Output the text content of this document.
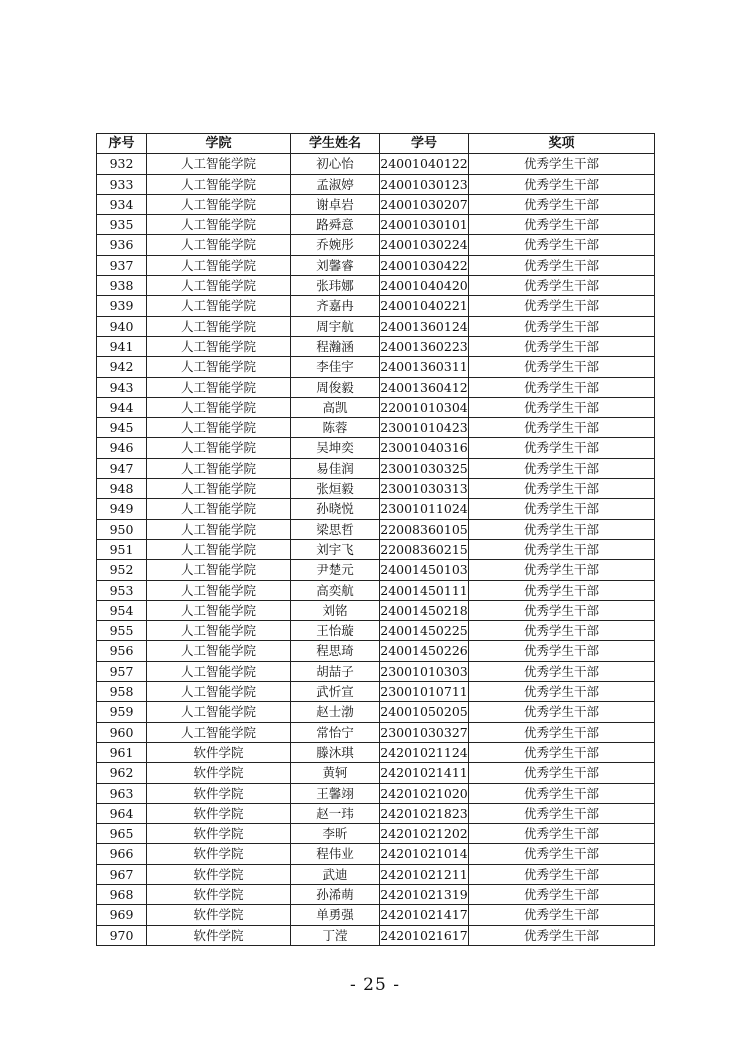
序号	学院	学生姓名	学号	奖项
932	人工智能学院	初心怡	24001040122	优秀学生干部
933	人工智能学院	孟淑婷	24001030123	优秀学生干部
934	人工智能学院	谢卓岩	24001030207	优秀学生干部
935	人工智能学院	路舜意	24001030101	优秀学生干部
936	人工智能学院	乔婉彤	24001030224	优秀学生干部
937	人工智能学院	刘馨睿	24001030422	优秀学生干部
938	人工智能学院	张玮娜	24001040420	优秀学生干部
939	人工智能学院	齐嘉冉	24001040221	优秀学生干部
940	人工智能学院	周宇航	24001360124	优秀学生干部
941	人工智能学院	程瀚涵	24001360223	优秀学生干部
942	人工智能学院	李佳宇	24001360311	优秀学生干部
943	人工智能学院	周俊毅	24001360412	优秀学生干部
944	人工智能学院	高凯	22001010304	优秀学生干部
945	人工智能学院	陈蓉	23001010423	优秀学生干部
946	人工智能学院	吴坤奕	23001040316	优秀学生干部
947	人工智能学院	易佳润	23001030325	优秀学生干部
948	人工智能学院	张烜毅	23001030313	优秀学生干部
949	人工智能学院	孙晓悦	23001011024	优秀学生干部
950	人工智能学院	梁思哲	22008360105	优秀学生干部
951	人工智能学院	刘宇飞	22008360215	优秀学生干部
952	人工智能学院	尹楚元	24001450103	优秀学生干部
953	人工智能学院	高奕航	24001450111	优秀学生干部
954	人工智能学院	刘铭	24001450218	优秀学生干部
955	人工智能学院	王怡璇	24001450225	优秀学生干部
956	人工智能学院	程思琦	24001450226	优秀学生干部
957	人工智能学院	胡喆子	23001010303	优秀学生干部
958	人工智能学院	武忻宣	23001010711	优秀学生干部
959	人工智能学院	赵士渤	24001050205	优秀学生干部
960	人工智能学院	常怡宁	23001030327	优秀学生干部
961	软件学院	滕沐琪	24201021124	优秀学生干部
962	软件学院	黄轲	24201021411	优秀学生干部
963	软件学院	王馨翊	24201021020	优秀学生干部
964	软件学院	赵一玮	24201021823	优秀学生干部
965	软件学院	李昕	24201021202	优秀学生干部
966	软件学院	程伟业	24201021014	优秀学生干部
967	软件学院	武迪	24201021211	优秀学生干部
968	软件学院	孙浠萌	24201021319	优秀学生干部
969	软件学院	单勇强	24201021417	优秀学生干部
970	软件学院	丁滢	24201021617	优秀学生干部
- 25 -
